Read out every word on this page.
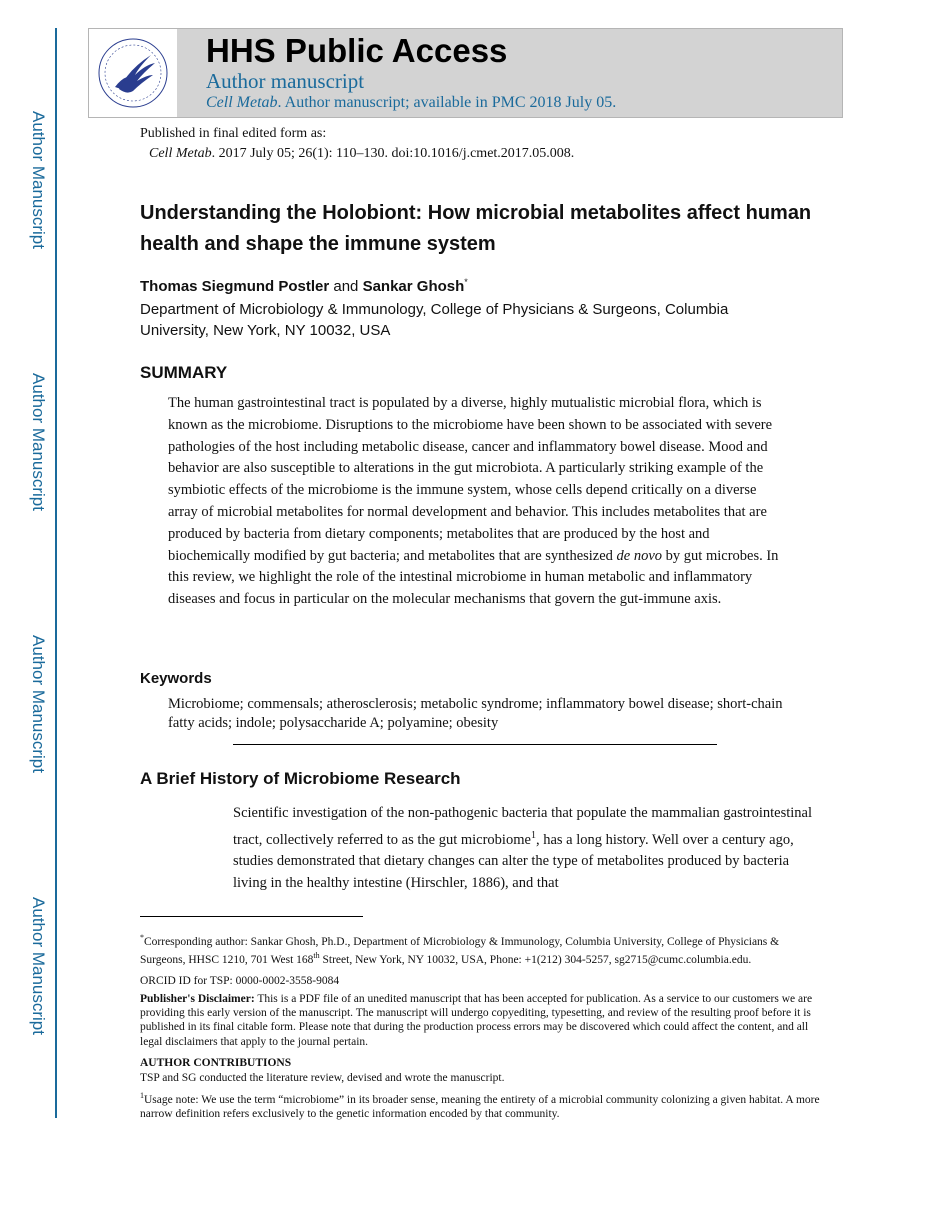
Author Manuscript
Author Manuscript
Author Manuscript
Author Manuscript
HHS Public Access
Author manuscript
Cell Metab. Author manuscript; available in PMC 2018 July 05.
Published in final edited form as:
Cell Metab. 2017 July 05; 26(1): 110–130. doi:10.1016/j.cmet.2017.05.008.
Understanding the Holobiont: How microbial metabolites affect human health and shape the immune system
Thomas Siegmund Postler and Sankar Ghosh*
Department of Microbiology & Immunology, College of Physicians & Surgeons, Columbia University, New York, NY 10032, USA
SUMMARY
The human gastrointestinal tract is populated by a diverse, highly mutualistic microbial flora, which is known as the microbiome. Disruptions to the microbiome have been shown to be associated with severe pathologies of the host including metabolic disease, cancer and inflammatory bowel disease. Mood and behavior are also susceptible to alterations in the gut microbiota. A particularly striking example of the symbiotic effects of the microbiome is the immune system, whose cells depend critically on a diverse array of microbial metabolites for normal development and behavior. This includes metabolites that are produced by bacteria from dietary components; metabolites that are produced by the host and biochemically modified by gut bacteria; and metabolites that are synthesized de novo by gut microbes. In this review, we highlight the role of the intestinal microbiome in human metabolic and inflammatory diseases and focus in particular on the molecular mechanisms that govern the gut-immune axis.
Keywords
Microbiome; commensals; atherosclerosis; metabolic syndrome; inflammatory bowel disease; short-chain fatty acids; indole; polysaccharide A; polyamine; obesity
A Brief History of Microbiome Research
Scientific investigation of the non-pathogenic bacteria that populate the mammalian gastrointestinal tract, collectively referred to as the gut microbiome$^1$, has a long history. Well over a century ago, studies demonstrated that dietary changes can alter the type of metabolites produced by bacteria living in the healthy intestine (Hirschler, 1886), and that
*Corresponding author: Sankar Ghosh, Ph.D., Department of Microbiology & Immunology, Columbia University, College of Physicians & Surgeons, HHSC 1210, 701 West 168th Street, New York, NY 10032, USA, Phone: +1(212) 304-5257, sg2715@cumc.columbia.edu.
ORCID ID for TSP: 0000-0002-3558-9084
Publisher's Disclaimer: This is a PDF file of an unedited manuscript that has been accepted for publication. As a service to our customers we are providing this early version of the manuscript. The manuscript will undergo copyediting, typesetting, and review of the resulting proof before it is published in its final citable form. Please note that during the production process errors may be discovered which could affect the content, and all legal disclaimers that apply to the journal pertain.
AUTHOR CONTRIBUTIONS
TSP and SG conducted the literature review, devised and wrote the manuscript.
$^1$Usage note: We use the term “microbiome” in its broader sense, meaning the entirety of a microbial community colonizing a given habitat. A more narrow definition refers exclusively to the genetic information encoded by that community.
